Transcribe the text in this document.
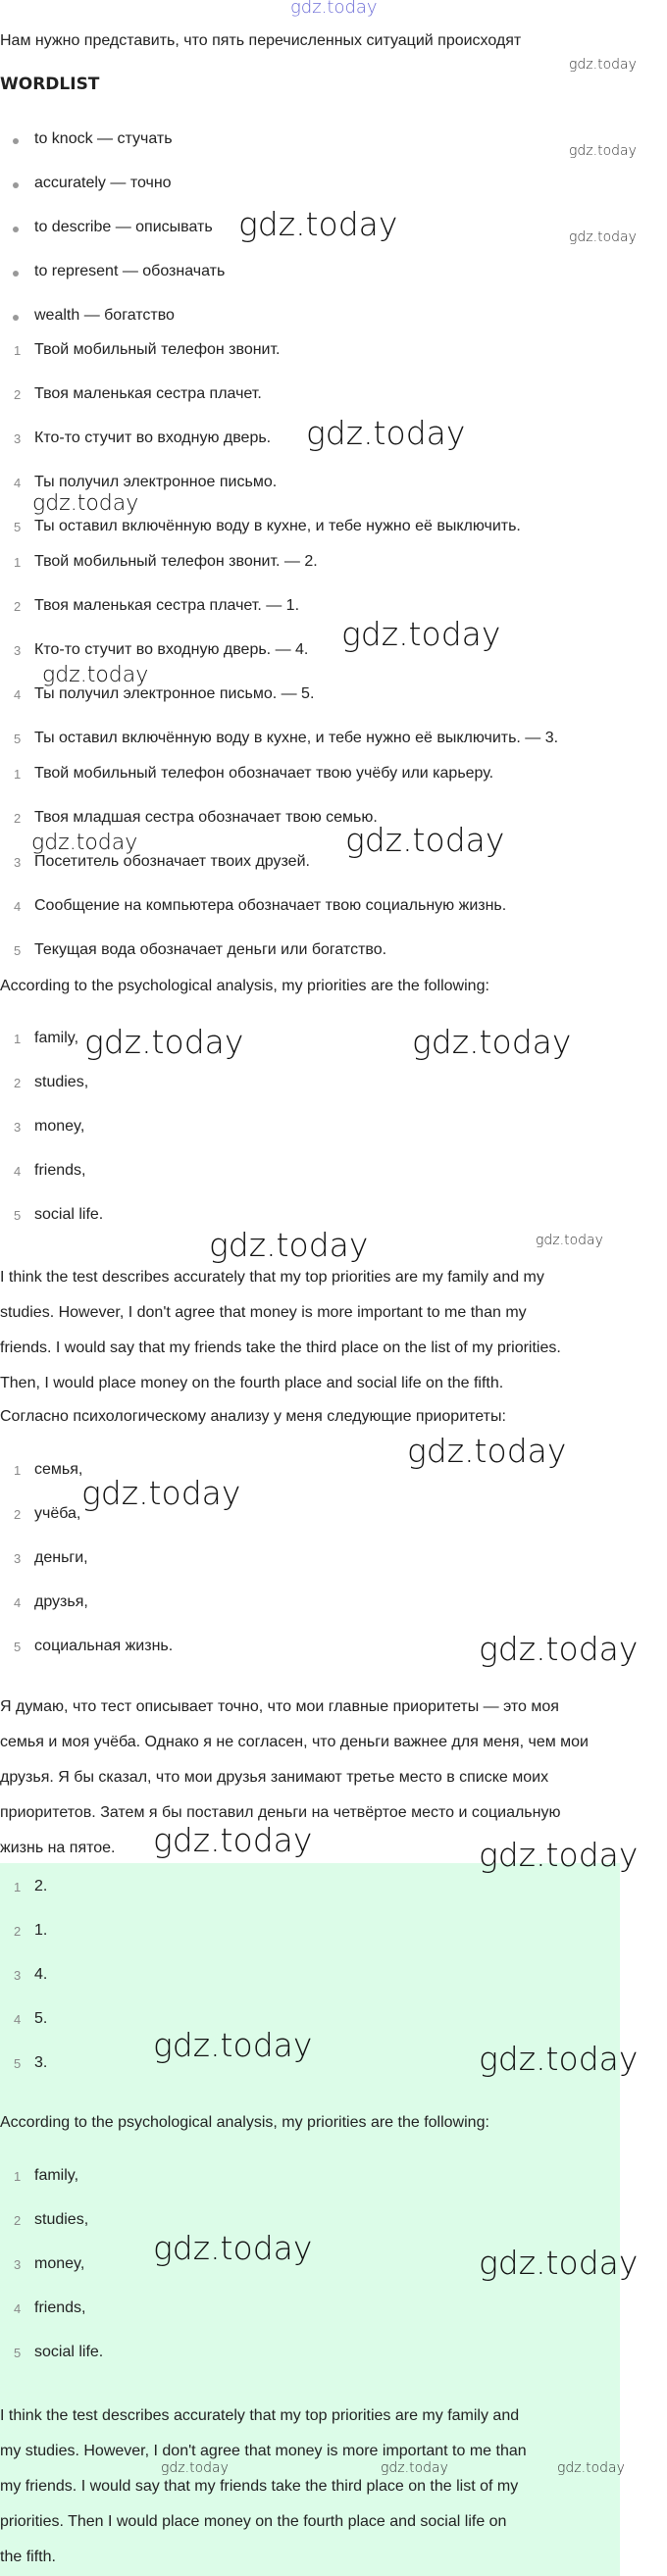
gdz.today
Нам нужно представить, что пять перечисленных ситуаций происходят
gdz.today
WORDLIST
to knock — стучать
accurately — точно
to describe — описывать
to represent — обозначать
wealth — богатство
gdz.today
gdz.today	gdz.today
1 Твой мобильный телефон звонит.
2 Твоя маленькая сестра плачет.
3 Кто-то стучит во входную дверь.
4 Ты получил электронное письмо.
5 Ты оставил включённую воду в кухне, и тебе нужно её выключить.
gdz.today
gdz.today
1 Твой мобильный телефон звонит. — 2.
2 Твоя маленькая сестра плачет. — 1.
3 Кто-то стучит во входную дверь. — 4.
4 Ты получил электронное письмо. — 5.
5 Ты оставил включённую воду в кухне, и тебе нужно её выключить. — 3.
gdz.today
gdz.today
1 Твой мобильный телефон обозначает твою учёбу или карьеру.
2 Твоя младшая сестра обозначает твою семью.
3 Посетитель обозначает твоих друзей.
4 Сообщение на компьютера обозначает твою социальную жизнь.
5 Текущая вода обозначает деньги или богатство.
gdz.today	gdz.today
According to the psychological analysis, my priorities are the following:
1 family,
2 studies,
3 money,
4 friends,
5 social life.
gdz.today	gdz.today
gdz.today	gdz.today
I think the test describes accurately that my top priorities are my family and my
studies. However, I don't agree that money is more important to me than my
friends. I would say that my friends take the third place on the list of my priorities.
Then, I would place money on the fourth place and social life on the fifth.
Согласно психологическому анализу у меня следующие приоритеты:
1 семья,
2 учёба,
3 деньги,
4 друзья,
5 социальная жизнь.
gdz.today
gdz.today
gdz.today
Я думаю, что тест описывает точно, что мои главные приоритеты — это моя
семья и моя учёба. Однако я не согласен, что деньги важнее для меня, чем мои
друзья. Я бы сказал, что мои друзья занимают третье место в списке моих
приоритетов. Затем я бы поставил деньги на четвёртое место и социальную
жизнь на пятое.	gdz.today	gdz.today
1 2.
2 1.
3 4.
4 5.
5 3.	gdz.today	gdz.today
According to the psychological analysis, my priorities are the following:
1 family,
2 studies,
3 money,
4 friends,
5 social life.
gdz.today	gdz.today
I think the test describes accurately that my top priorities are my family and
my studies. However, I don't agree that money is more important to me than
my friends. I would say that my friends take the third place on the list of my
priorities. Then I would place money on the fourth place and social life on
the fifth.
gdz.today	gdz.today	gdz.today
